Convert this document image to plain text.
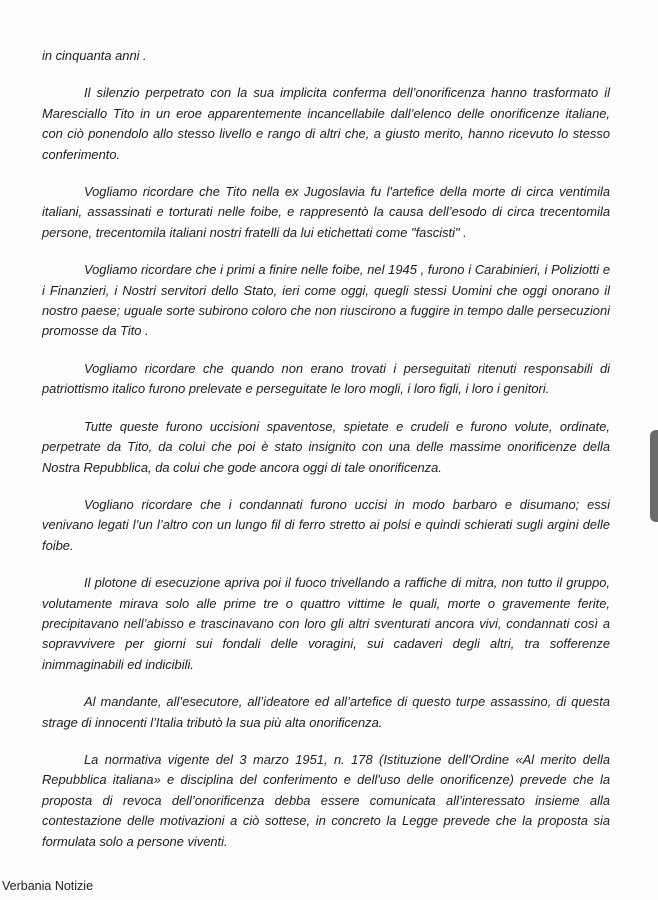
in cinquanta anni .

Il silenzio perpetrato con la sua implicita conferma dell’onorificenza hanno trasformato il Maresciallo Tito in un eroe apparentemente incancellabile dall’elenco delle onorificenze italiane, con ciò ponendolo allo stesso livello e rango di altri che, a giusto merito, hanno ricevuto lo stesso conferimento.

Vogliamo ricordare che Tito nella ex Jugoslavia fu l'artefice della morte di circa ventimila italiani, assassinati e torturati nelle foibe, e rappresentò la causa dell’esodo di circa trecentomila persone, trecentomila italiani nostri fratelli da lui etichettati come "fascisti" .

Vogliamo ricordare che i primi a finire nelle foibe, nel 1945 , furono i Carabinieri, i Poliziotti e i Finanzieri, i Nostri servitori dello Stato, ieri come oggi, quegli stessi Uomini che oggi onorano il nostro paese; uguale sorte subirono coloro che non riuscirono a fuggire in tempo dalle persecuzioni promosse da Tito .

Vogliamo ricordare che quando non erano trovati i perseguitati ritenuti responsabili di patriottismo italico furono prelevate e perseguitate le loro mogli, i loro figli, i loro i genitori.

Tutte queste furono uccisioni spaventose, spietate e crudeli e furono volute, ordinate, perpetrate da Tito, da colui che poi è stato insignito con una delle massime onorificenze della Nostra Repubblica, da colui che gode ancora oggi di tale onorificenza.

Vogliano ricordare che i condannati furono uccisi in modo barbaro e disumano; essi venivano legati l’un l’altro con un lungo fil di ferro stretto ai polsi e quindi schierati sugli argini delle foibe.

Il plotone di esecuzione apriva poi il fuoco trivellando a raffiche di mitra, non tutto il gruppo, volutamente mirava solo alle prime tre o quattro vittime le quali, morte o gravemente ferite, precipitavano nell’abisso e trascinavano con loro gli altri sventurati ancora vivi, condannati così a sopravvivere per giorni sui fondali delle voragini, sui cadaveri degli altri, tra sofferenze inimmaginabili ed indicibili.

Al mandante, all’esecutore, all’ideatore ed all’artefice di questo turpe assassino, di questa strage di innocenti l’Italia tributò la sua più alta onorificenza.

La normativa vigente del 3 marzo 1951, n. 178 (Istituzione dell'Ordine «Al merito della Repubblica italiana» e disciplina del conferimento e dell'uso delle onorificenze) prevede che la proposta di revoca dell’onorificenza debba essere comunicata all’interessato insieme alla contestazione delle motivazioni a ciò sottese, in concreto la Legge prevede che la proposta sia formulata solo a persone viventi.

Verbania Notizie
